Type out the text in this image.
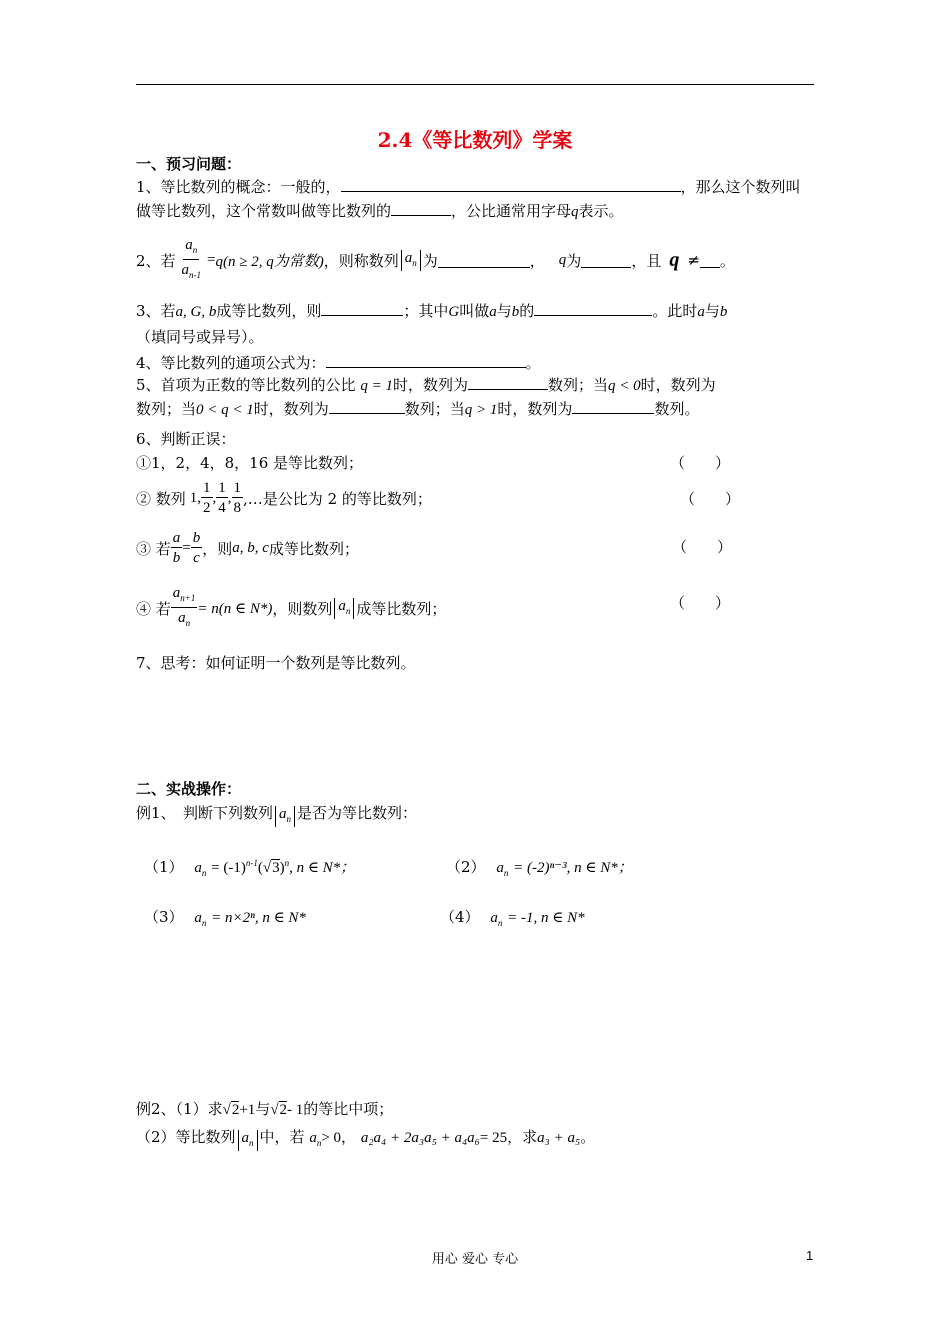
2.4《等比数列》学案
一、预习问题：
1、等比数列的概念：一般的，	，那么这个数列叫
做等比数列，这个常数叫做等比数列的	，公比通常用字母q表示。
2、若 $\frac{a_n}{a_{n-1}} = q(n \ge 2$, q为常数) ，则称数列 $a_n$ 为	， q 为	，且 q ≠ 。
3、若a, G, b成等比数列，则	；其中G叫做a与b的	。此时a与b
（填同号或异号）。
4、等比数列的通项公式为：	。
5、首项为正数的等比数列的公比 q = 1时，数列为	数列；当q < 0时，数列为
数列；当0 < q < 1时，数列为	数列；当q > 1时，数列为	数列。
6、判断正误：
①1，2，4，8，16 是等比数列；	（　　）
② 数列 1, $\frac{1}{2}$ , $\frac{1}{4}$ , $\frac{1}{8}$ ,…是公比为 2 的等比数列；	（　　）
③ 若 $\frac{a}{b} = \frac{b}{c}$ ，则 a, b, c 成等比数列；	（　　）
④ 若 $\frac{a_{n+1}}{a_n} = n(n$ ∈ N*) ，则数列 $a_n$ 成等比数列；	（　　）
7、思考：如何证明一个数列是等比数列。
二、实战操作：
例1、　判断下列数列 $a_n$ 是否为等比数列：
（1） $a_n = (-1)^{n-1}(√3)^n$, n ∈ N*；	（2） $a_n = (-2)^{n-3}$, n ∈ N*；
（3） $a_n = n\times 2^n$, n ∈ N*	（4） $a_n = -1$, n ∈ N*
例2、（1）求√2+1与√2- 1的等比中项；
（2）等比数列 $a_n$ 中，若 $a_n> 0$， a₂a₄ + 2a₃a₅ + a₄a₆= 25，求a₃ + a₅。
用心 爱心 专心	1
